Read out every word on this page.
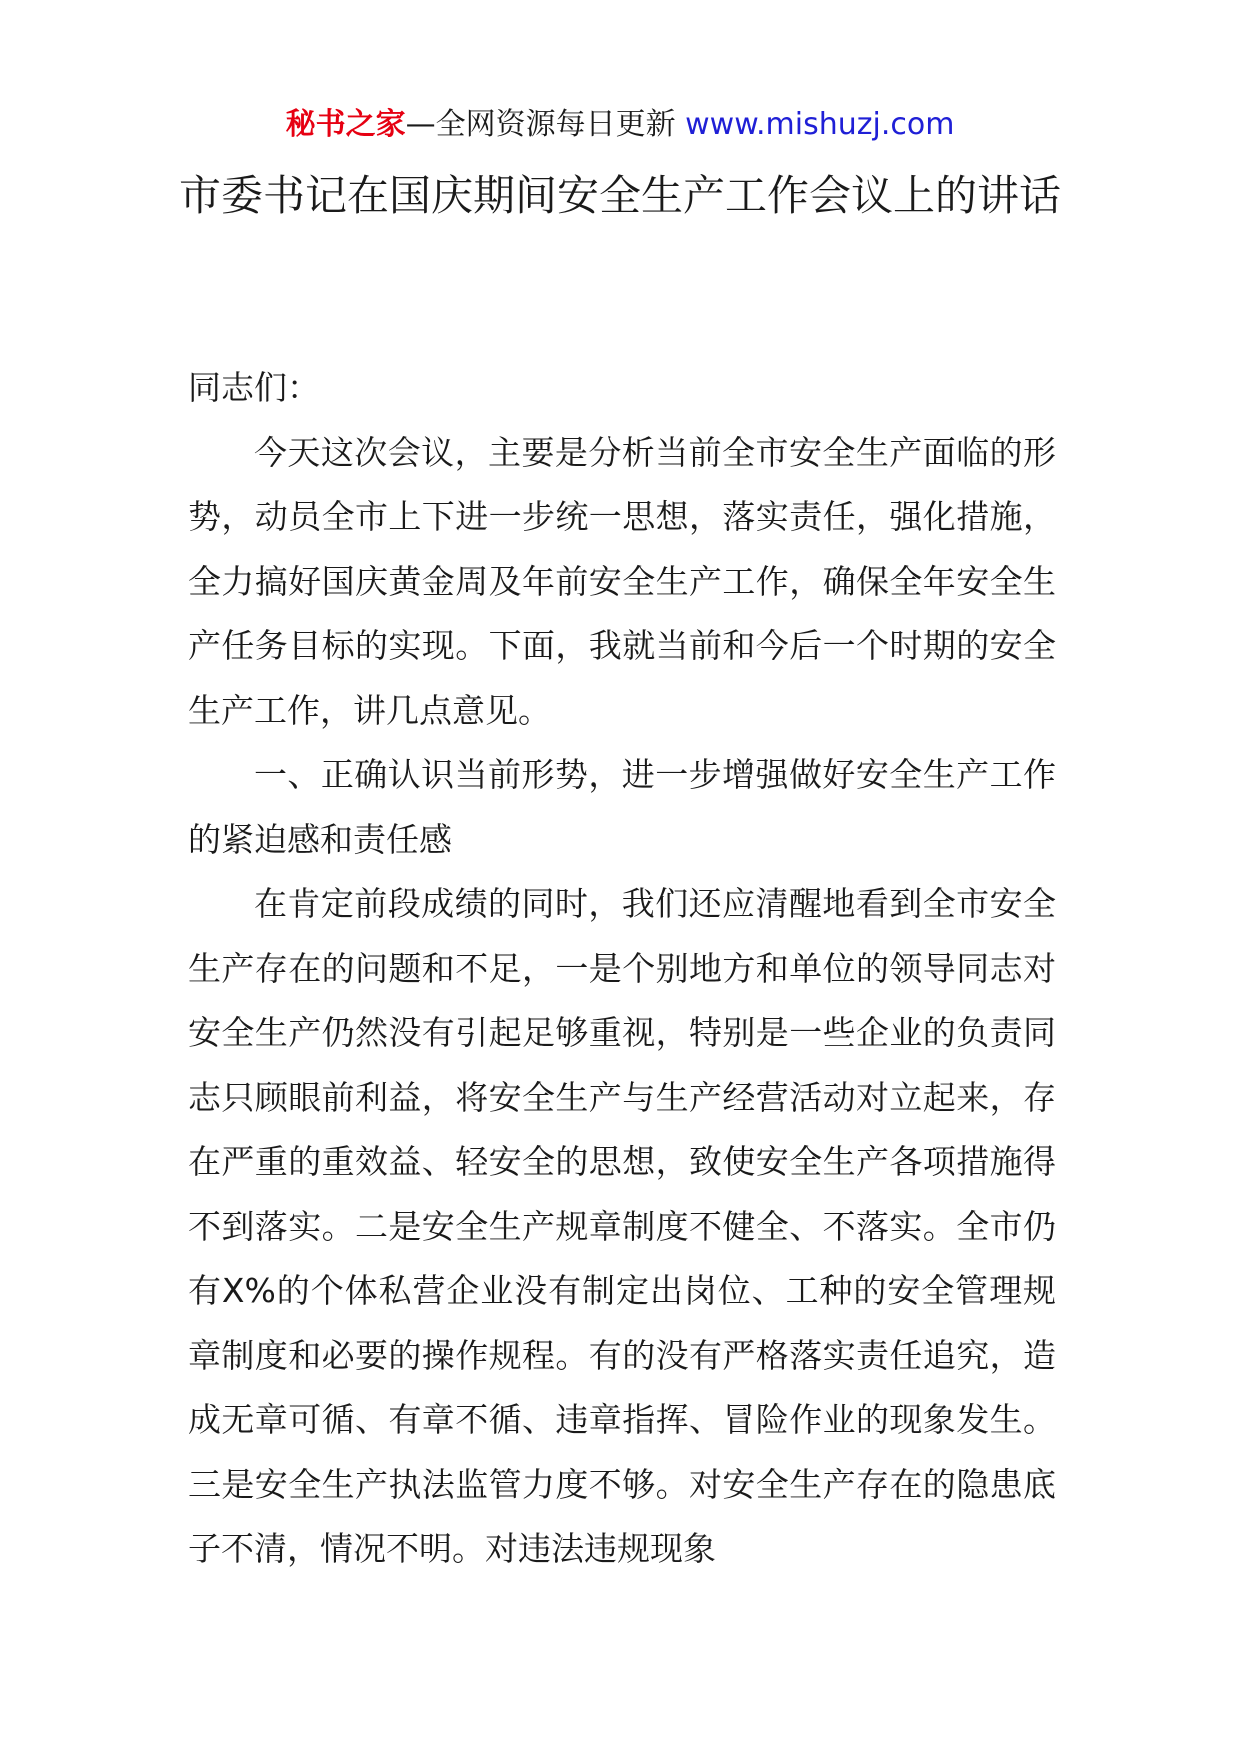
秘书之家—全网资源每日更新 www.mishuzj.com
市委书记在国庆期间安全生产工作会议上的讲话

同志们：

今天这次会议，主要是分析当前全市安全生产面临的形势，动员全市上下进一步统一思想，落实责任，强化措施，全力搞好国庆黄金周及年前安全生产工作，确保全年安全生产任务目标的实现。下面，我就当前和今后一个时期的安全生产工作，讲几点意见。

一、正确认识当前形势，进一步增强做好安全生产工作的紧迫感和责任感

在肯定前段成绩的同时，我们还应清醒地看到全市安全生产存在的问题和不足，一是个别地方和单位的领导同志对安全生产仍然没有引起足够重视，特别是一些企业的负责同志只顾眼前利益，将安全生产与生产经营活动对立起来，存在严重的重效益、轻安全的思想，致使安全生产各项措施得不到落实。二是安全生产规章制度不健全、不落实。全市仍有X%的个体私营企业没有制定出岗位、工种的安全管理规章制度和必要的操作规程。有的没有严格落实责任追究，造成无章可循、有章不循、违章指挥、冒险作业的现象发生。三是安全生产执法监管力度不够。对安全生产存在的隐患底子不清，情况不明。对违法违规现象
